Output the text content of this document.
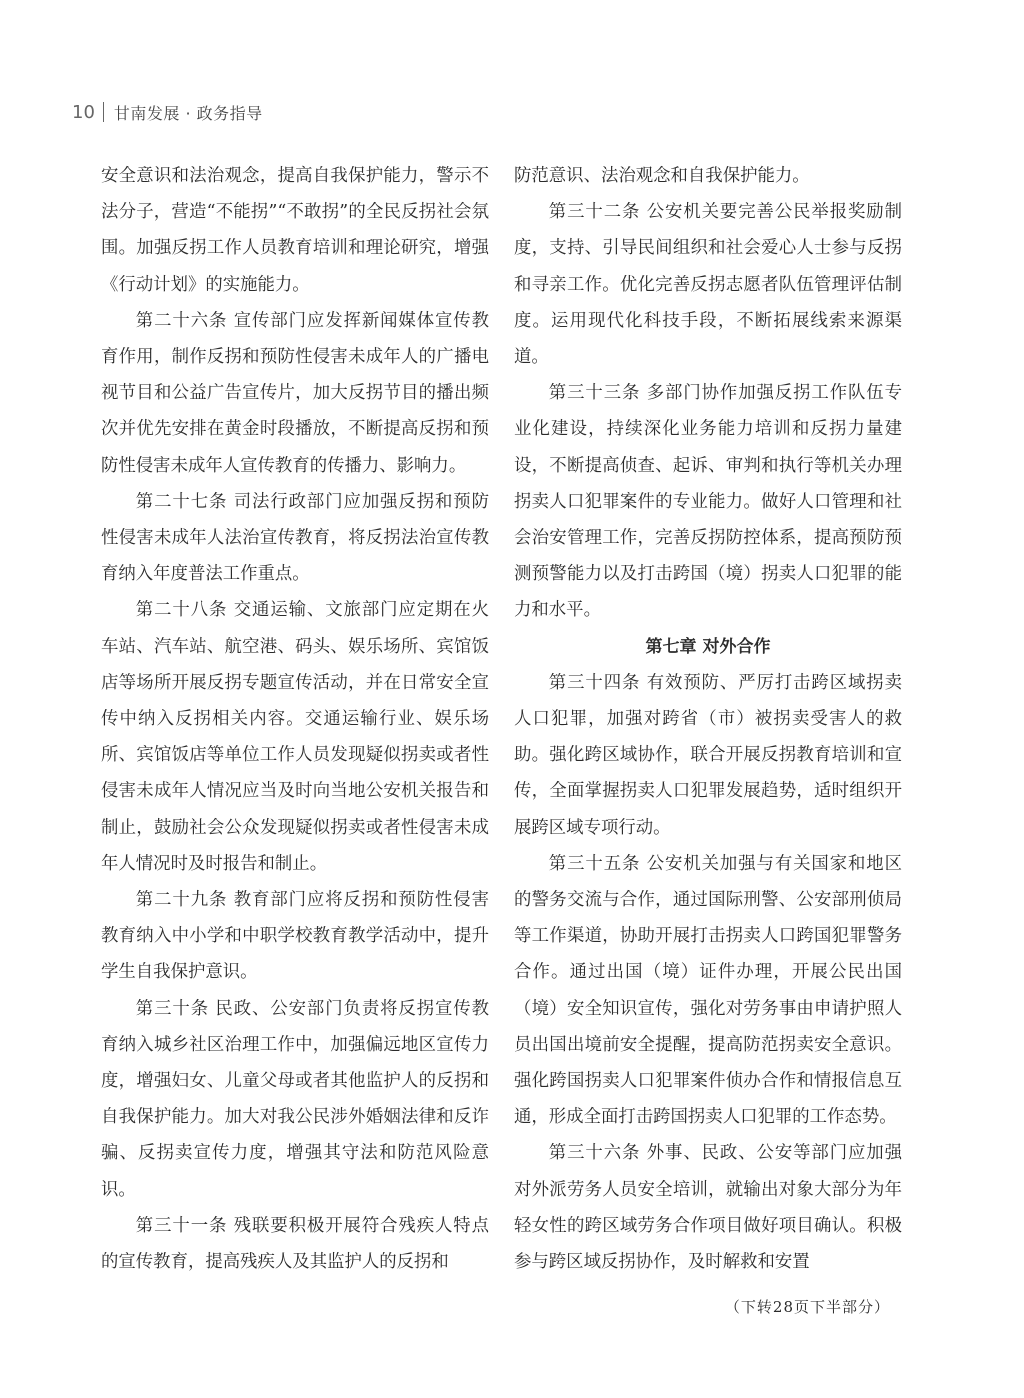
10 甘南发展 · 政务指导

安全意识和法治观念，提高自我保护能力，警示不法分子，营造“不能拐”“不敢拐”的全民反拐社会氛围。加强反拐工作人员教育培训和理论研究，增强《行动计划》的实施能力。

第二十六条 宣传部门应发挥新闻媒体宣传教育作用，制作反拐和预防性侵害未成年人的广播电视节目和公益广告宣传片，加大反拐节目的播出频次并优先安排在黄金时段播放，不断提高反拐和预防性侵害未成年人宣传教育的传播力、影响力。

第二十七条 司法行政部门应加强反拐和预防性侵害未成年人法治宣传教育，将反拐法治宣传教育纳入年度普法工作重点。

第二十八条 交通运输、文旅部门应定期在火车站、汽车站、航空港、码头、娱乐场所、宾馆饭店等场所开展反拐专题宣传活动，并在日常安全宣传中纳入反拐相关内容。交通运输行业、娱乐场所、宾馆饭店等单位工作人员发现疑似拐卖或者性侵害未成年人情况应当及时向当地公安机关报告和制止，鼓励社会公众发现疑似拐卖或者性侵害未成年人情况时及时报告和制止。

第二十九条 教育部门应将反拐和预防性侵害教育纳入中小学和中职学校教育教学活动中，提升学生自我保护意识。

第三十条 民政、公安部门负责将反拐宣传教育纳入城乡社区治理工作中，加强偏远地区宣传力度，增强妇女、儿童父母或者其他监护人的反拐和自我保护能力。加大对我公民涉外婚姻法律和反诈骗、反拐卖宣传力度，增强其守法和防范风险意识。

第三十一条 残联要积极开展符合残疾人特点的宣传教育，提高残疾人及其监护人的反拐和

防范意识、法治观念和自我保护能力。

第三十二条 公安机关要完善公民举报奖励制度，支持、引导民间组织和社会爱心人士参与反拐和寻亲工作。优化完善反拐志愿者队伍管理评估制度。运用现代化科技手段，不断拓展线索来源渠道。

第三十三条 多部门协作加强反拐工作队伍专业化建设，持续深化业务能力培训和反拐力量建设，不断提高侦查、起诉、审判和执行等机关办理拐卖人口犯罪案件的专业能力。做好人口管理和社会治安管理工作，完善反拐防控体系，提高预防预测预警能力以及打击跨国（境）拐卖人口犯罪的能力和水平。

第七章 对外合作

第三十四条 有效预防、严厉打击跨区域拐卖人口犯罪，加强对跨省（市）被拐卖受害人的救助。强化跨区域协作，联合开展反拐教育培训和宣传，全面掌握拐卖人口犯罪发展趋势，适时组织开展跨区域专项行动。

第三十五条 公安机关加强与有关国家和地区的警务交流与合作，通过国际刑警、公安部刑侦局等工作渠道，协助开展打击拐卖人口跨国犯罪警务合作。通过出国（境）证件办理，开展公民出国（境）安全知识宣传，强化对劳务事由申请护照人员出国出境前安全提醒，提高防范拐卖安全意识。强化跨国拐卖人口犯罪案件侦办合作和情报信息互通，形成全面打击跨国拐卖人口犯罪的工作态势。

第三十六条 外事、民政、公安等部门应加强对外派劳务人员安全培训，就输出对象大部分为年轻女性的跨区域劳务合作项目做好项目确认。积极参与跨区域反拐协作，及时解救和安置

（下转28页下半部分）
